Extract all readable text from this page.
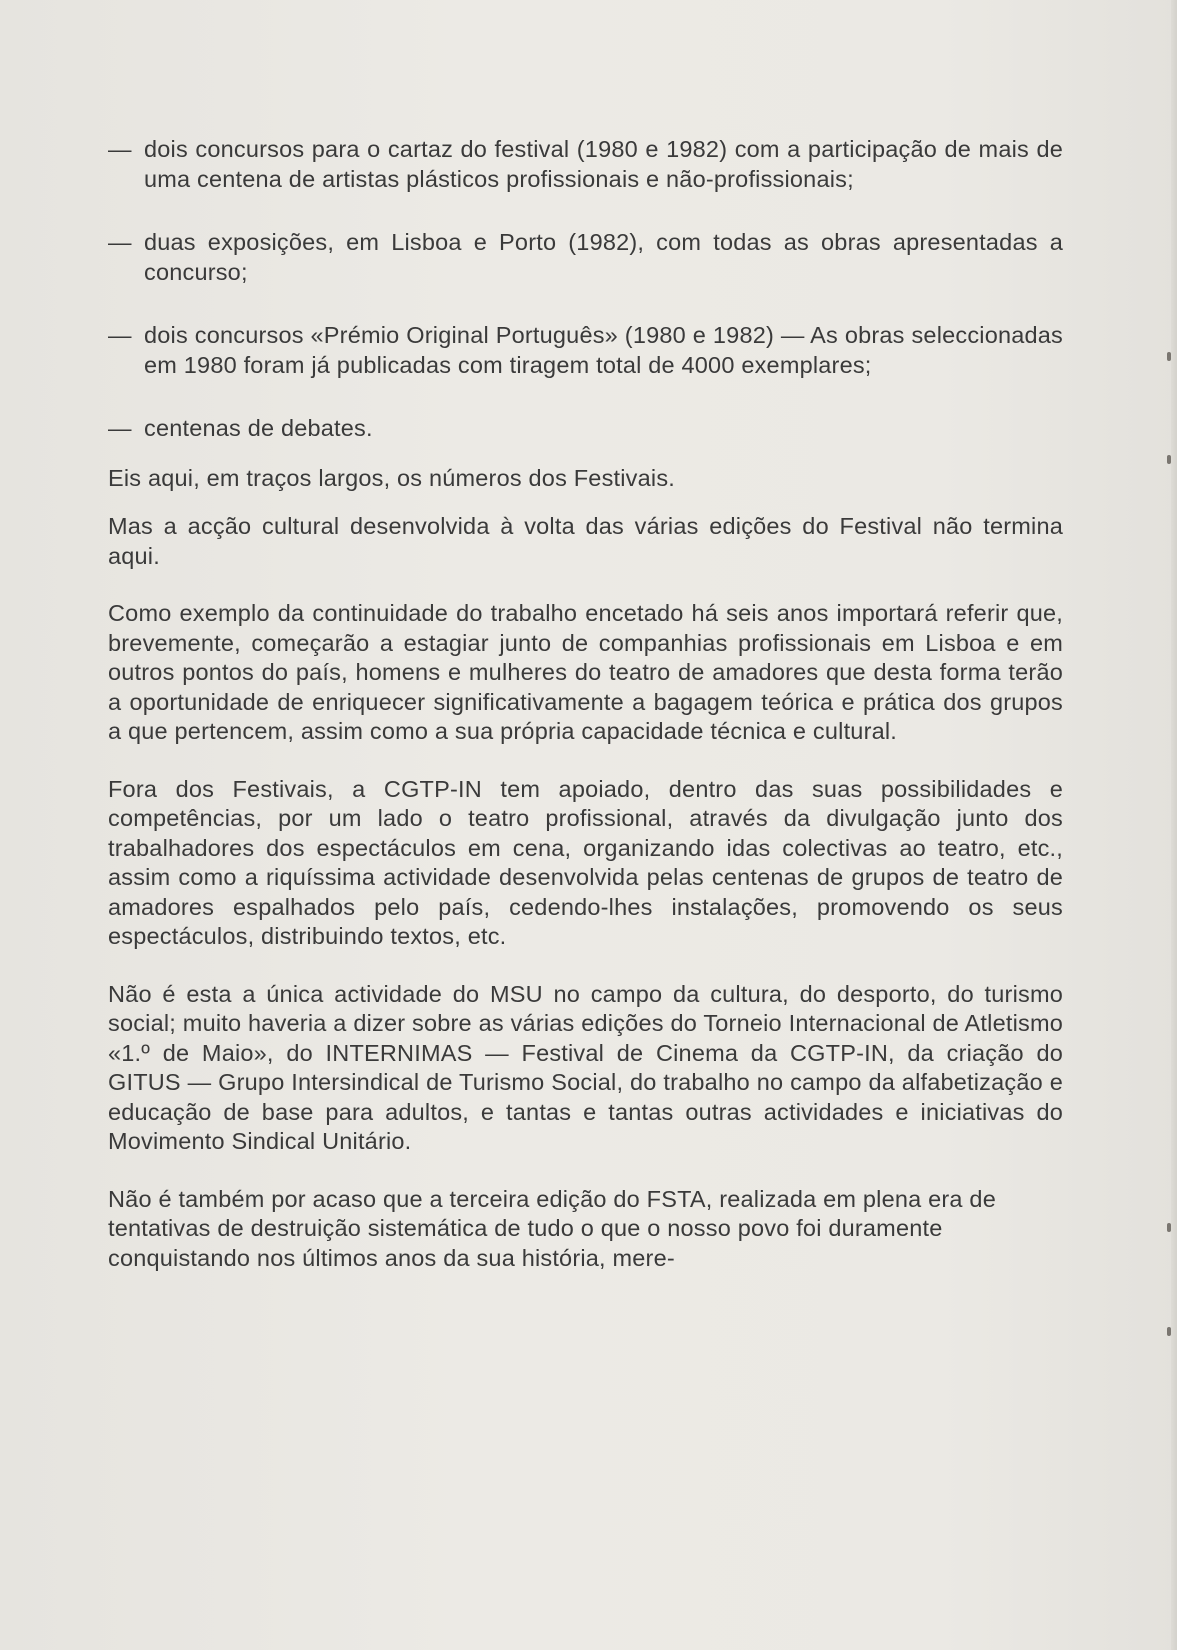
— dois concursos para o cartaz do festival (1980 e 1982) com a participação de mais de uma centena de artistas plásticos profissionais e não-profissionais;
— duas exposições, em Lisboa e Porto (1982), com todas as obras apresentadas a concurso;
— dois concursos «Prémio Original Português» (1980 e 1982) — As obras seleccionadas em 1980 foram já publicadas com tiragem total de 4000 exemplares;
— centenas de debates.

Eis aqui, em traços largos, os números dos Festivais.

Mas a acção cultural desenvolvida à volta das várias edições do Festival não termina aqui.

Como exemplo da continuidade do trabalho encetado há seis anos importará referir que, brevemente, começarão a estagiar junto de companhias profissionais em Lisboa e em outros pontos do país, homens e mulheres do teatro de amadores que desta forma terão a oportunidade de enriquecer significativamente a bagagem teórica e prática dos grupos a que pertencem, assim como a sua própria capacidade técnica e cultural.

Fora dos Festivais, a CGTP-IN tem apoiado, dentro das suas possibilidades e competências, por um lado o teatro profissional, através da divulgação junto dos trabalhadores dos espectáculos em cena, organizando idas colectivas ao teatro, etc., assim como a riquíssima actividade desenvolvida pelas centenas de grupos de teatro de amadores espalhados pelo país, cedendo-lhes instalações, promovendo os seus espectáculos, distribuindo textos, etc.

Não é esta a única actividade do MSU no campo da cultura, do desporto, do turismo social; muito haveria a dizer sobre as várias edições do Torneio Internacional de Atletismo «1.º de Maio», do INTERNIMAS — Festival de Cinema da CGTP-IN, da criação do GITUS — Grupo Intersindical de Turismo Social, do trabalho no campo da alfabetização e educação de base para adultos, e tantas e tantas outras actividades e iniciativas do Movimento Sindical Unitário.

Não é também por acaso que a terceira edição do FSTA, realizada em plena era de tentativas de destruição sistemática de tudo o que o nosso povo foi duramente conquistando nos últimos anos da sua história, mere-
